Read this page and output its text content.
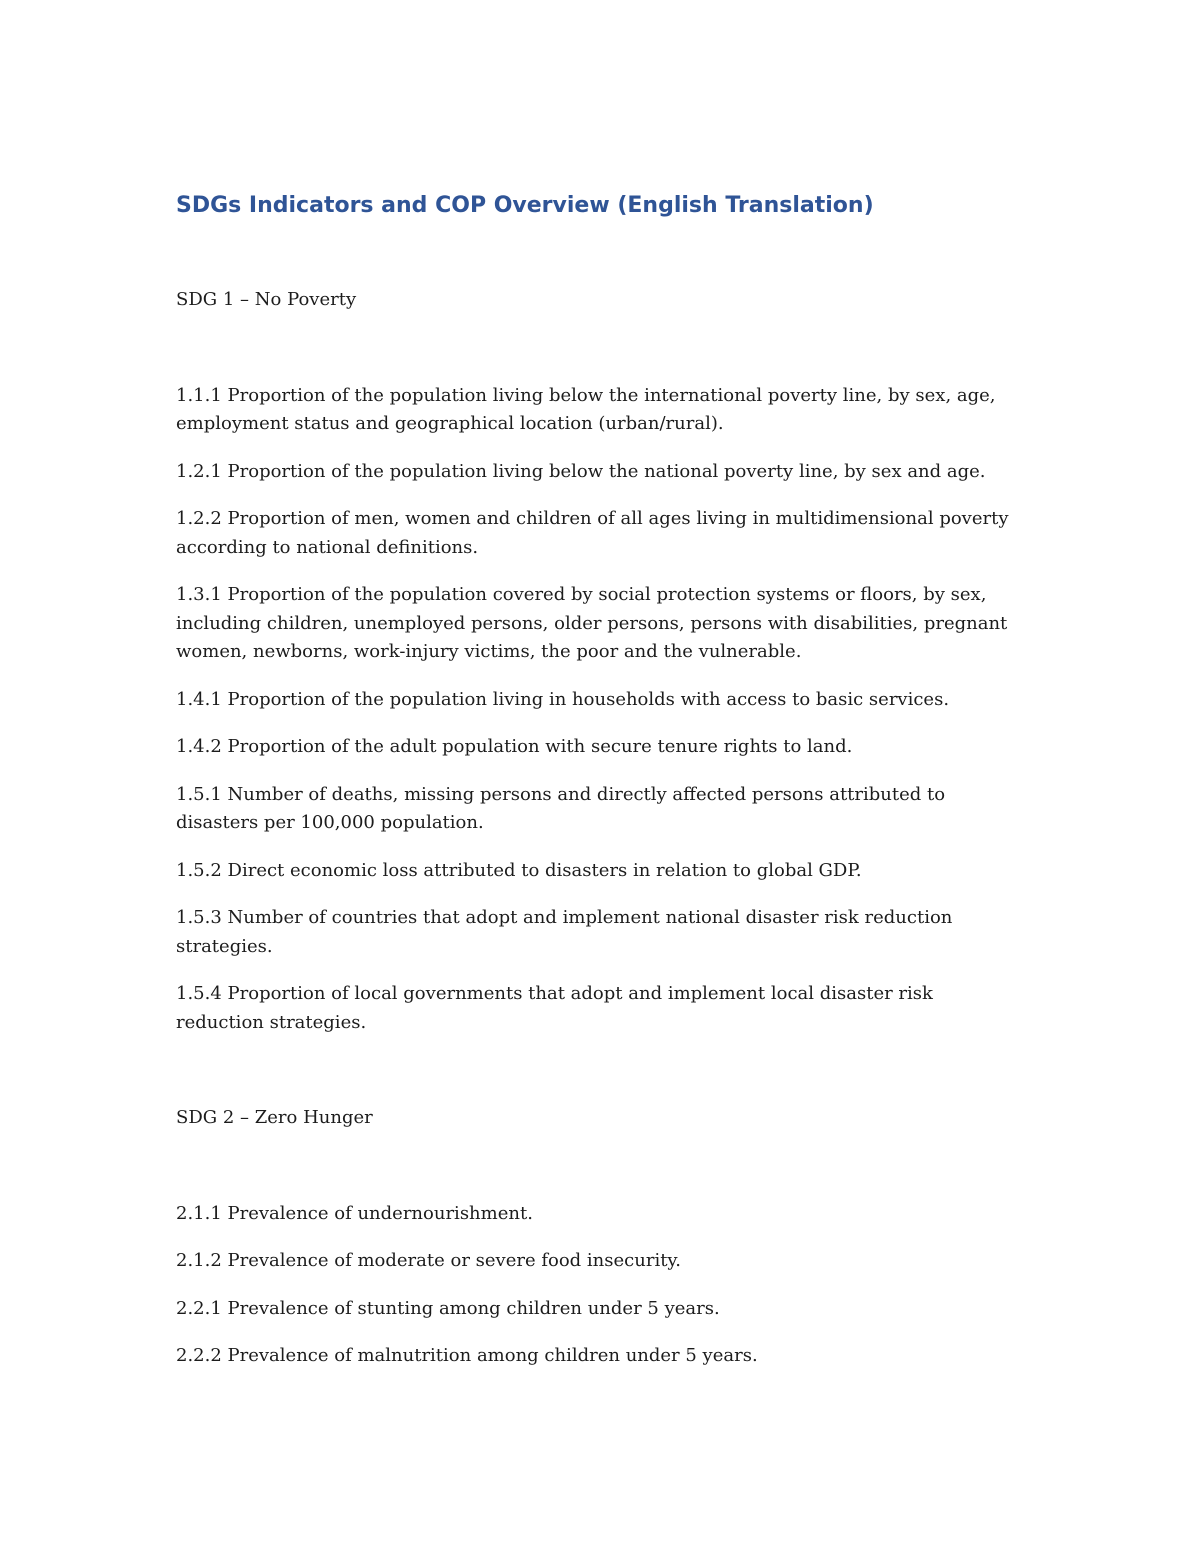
SDGs Indicators and COP Overview (English Translation)

SDG 1 – No Poverty

1.1.1 Proportion of the population living below the international poverty line, by sex, age, employment status and geographical location (urban/rural).
1.2.1 Proportion of the population living below the national poverty line, by sex and age.
1.2.2 Proportion of men, women and children of all ages living in multidimensional poverty according to national definitions.
1.3.1 Proportion of the population covered by social protection systems or floors, by sex, including children, unemployed persons, older persons, persons with disabilities, pregnant women, newborns, work-injury victims, the poor and the vulnerable.
1.4.1 Proportion of the population living in households with access to basic services.
1.4.2 Proportion of the adult population with secure tenure rights to land.
1.5.1 Number of deaths, missing persons and directly affected persons attributed to disasters per 100,000 population.
1.5.2 Direct economic loss attributed to disasters in relation to global GDP.
1.5.3 Number of countries that adopt and implement national disaster risk reduction strategies.
1.5.4 Proportion of local governments that adopt and implement local disaster risk reduction strategies.

SDG 2 – Zero Hunger

2.1.1 Prevalence of undernourishment.
2.1.2 Prevalence of moderate or severe food insecurity.
2.2.1 Prevalence of stunting among children under 5 years.
2.2.2 Prevalence of malnutrition among children under 5 years.
